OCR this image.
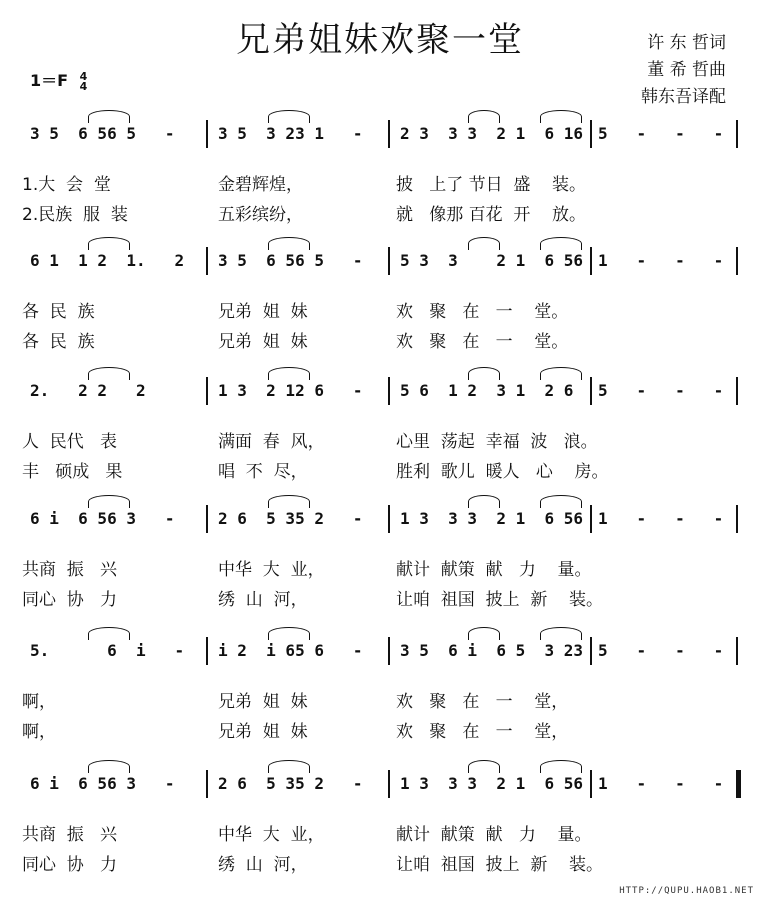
兄弟姐妹欢聚一堂	许 东 哲词
董 希 哲曲
韩东吾译配
1＝F 4
4
3 5  6 56 5   -	3 5  3 23 1   - 2 3  3 3  2 1  6 16 5   -   -   -
1.大  会  堂	金碧辉煌，	披   上了 节日  盛    装。
2.民族  服  装	五彩缤纷，	就   像那 百花  开    放。
6 1  1 2  1.   2 3 5  6 56 5   - 5 3  3    2 1  6 56 1   -   -   -
各  民  族	兄弟  姐  妹	欢   聚   在   一    堂。
各  民  族	兄弟  姐  妹	欢   聚   在   一    堂。
2.   2 2   2	1 3  2 12 6   - 5 6  1 2  3 1  2 6 5   -   -   -
人  民代   表	满面  春  风，	心里  荡起  幸福  波   浪。
丰   硕成   果	唱  不  尽，	胜利  歌儿  暖人   心    房。
6 i  6 56 3   -	2 6  5 35 2   - 1 3  3 3  2 1  6 56 1   -   -   -
共商  振   兴	中华  大  业，	献计  献策  献   力    量。
同心  协   力	绣  山  河，	让咱  祖国  披上  新    装。
5.      6  i   - i 2  i 65 6   - 3 5  6 i  6 5  3 23 5   -   -   -
啊，	兄弟  姐  妹	欢   聚   在   一    堂，
啊，	兄弟  姐  妹	欢   聚   在   一    堂，
6 i  6 56 3   -	2 6  5 35 2   - 1 3  3 3  2 1  6 56 1   -   -   -
共商  振   兴	中华  大  业，	献计  献策  献   力    量。
同心  协   力	绣  山  河，	让咱  祖国  披上  新    装。
HTTP://QUPU.HAOB1.NET
